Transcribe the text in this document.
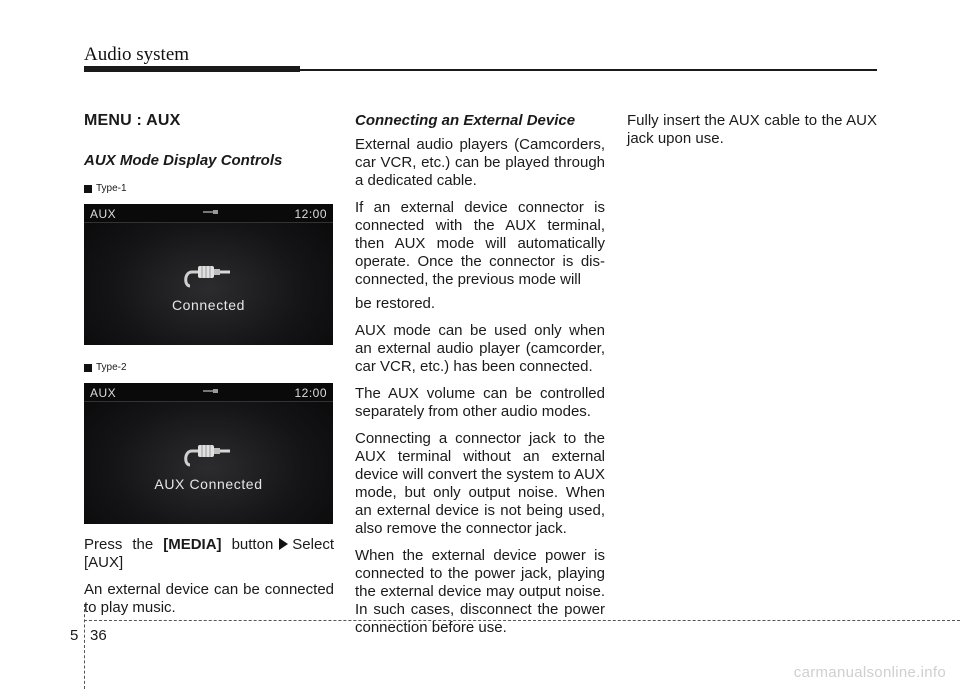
Audio system
MENU : AUX
AUX Mode Display Controls
Type-1
AUX	12:00
Connected
Type-2
AUX	12:00
AUX Connected
Press the [MEDIA] button Select [AUX]
An external device can be connected to play music.
Connecting an External Device
External audio players (Camcorders, car VCR, etc.) can be played through a dedicated cable.
If an external device connector is connected with the AUX terminal, then AUX mode will automatically operate. Once the connector is dis-connected, the previous mode will
be restored.
AUX mode can be used only when an external audio player (camcorder, car VCR, etc.) has been connected.
The AUX volume can be controlled separately from other audio modes.
Connecting a connector jack to the AUX terminal without an external device will convert the system to AUX mode, but only output noise. When an external device is not being used, also remove the connector jack.
When the external device power is connected to the power jack, playing the external device may output noise. In such cases, disconnect the power connection before use.
Fully insert the AUX cable to the AUX jack upon use.
5 36
carmanualsonline.info
